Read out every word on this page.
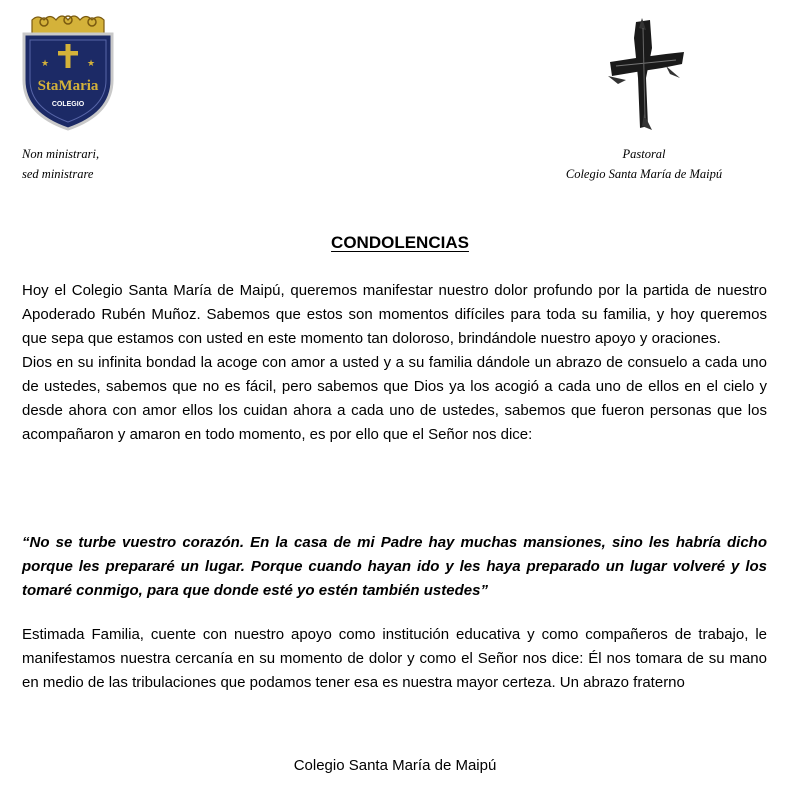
StaMaria
COLEGIO
★	★
Non ministrari,
sed ministrare
Pastoral
Colegio Santa María de Maipú
CONDOLENCIAS
Hoy el Colegio Santa María de Maipú, queremos manifestar nuestro dolor profundo por la partida de nuestro Apoderado Rubén Muñoz. Sabemos que estos son momentos difíciles para toda su familia, y hoy queremos que sepa que estamos con usted en este momento tan doloroso, brindándole nuestro apoyo y oraciones.
Dios en su infinita bondad la acoge con amor a usted y a su familia dándole un abrazo de consuelo a cada uno de ustedes, sabemos que no es fácil, pero sabemos que Dios ya los acogió a cada uno de ellos en el cielo y desde ahora con amor ellos los cuidan ahora a cada uno de ustedes, sabemos que fueron personas que los acompañaron y amaron en todo momento, es por ello que el Señor nos dice:
“No se turbe vuestro corazón. En la casa de mi Padre hay muchas mansiones, sino les habría dicho porque les prepararé un lugar. Porque cuando hayan ido y les haya preparado un lugar volveré y los tomaré conmigo, para que donde esté yo estén también ustedes”
Estimada Familia, cuente con nuestro apoyo como institución educativa y como compañeros de trabajo, le manifestamos nuestra cercanía en su momento de dolor y como el Señor nos dice: Él nos tomara de su mano en medio de las tribulaciones que podamos tener esa es nuestra mayor certeza. Un abrazo fraterno
Colegio Santa María de Maipú
